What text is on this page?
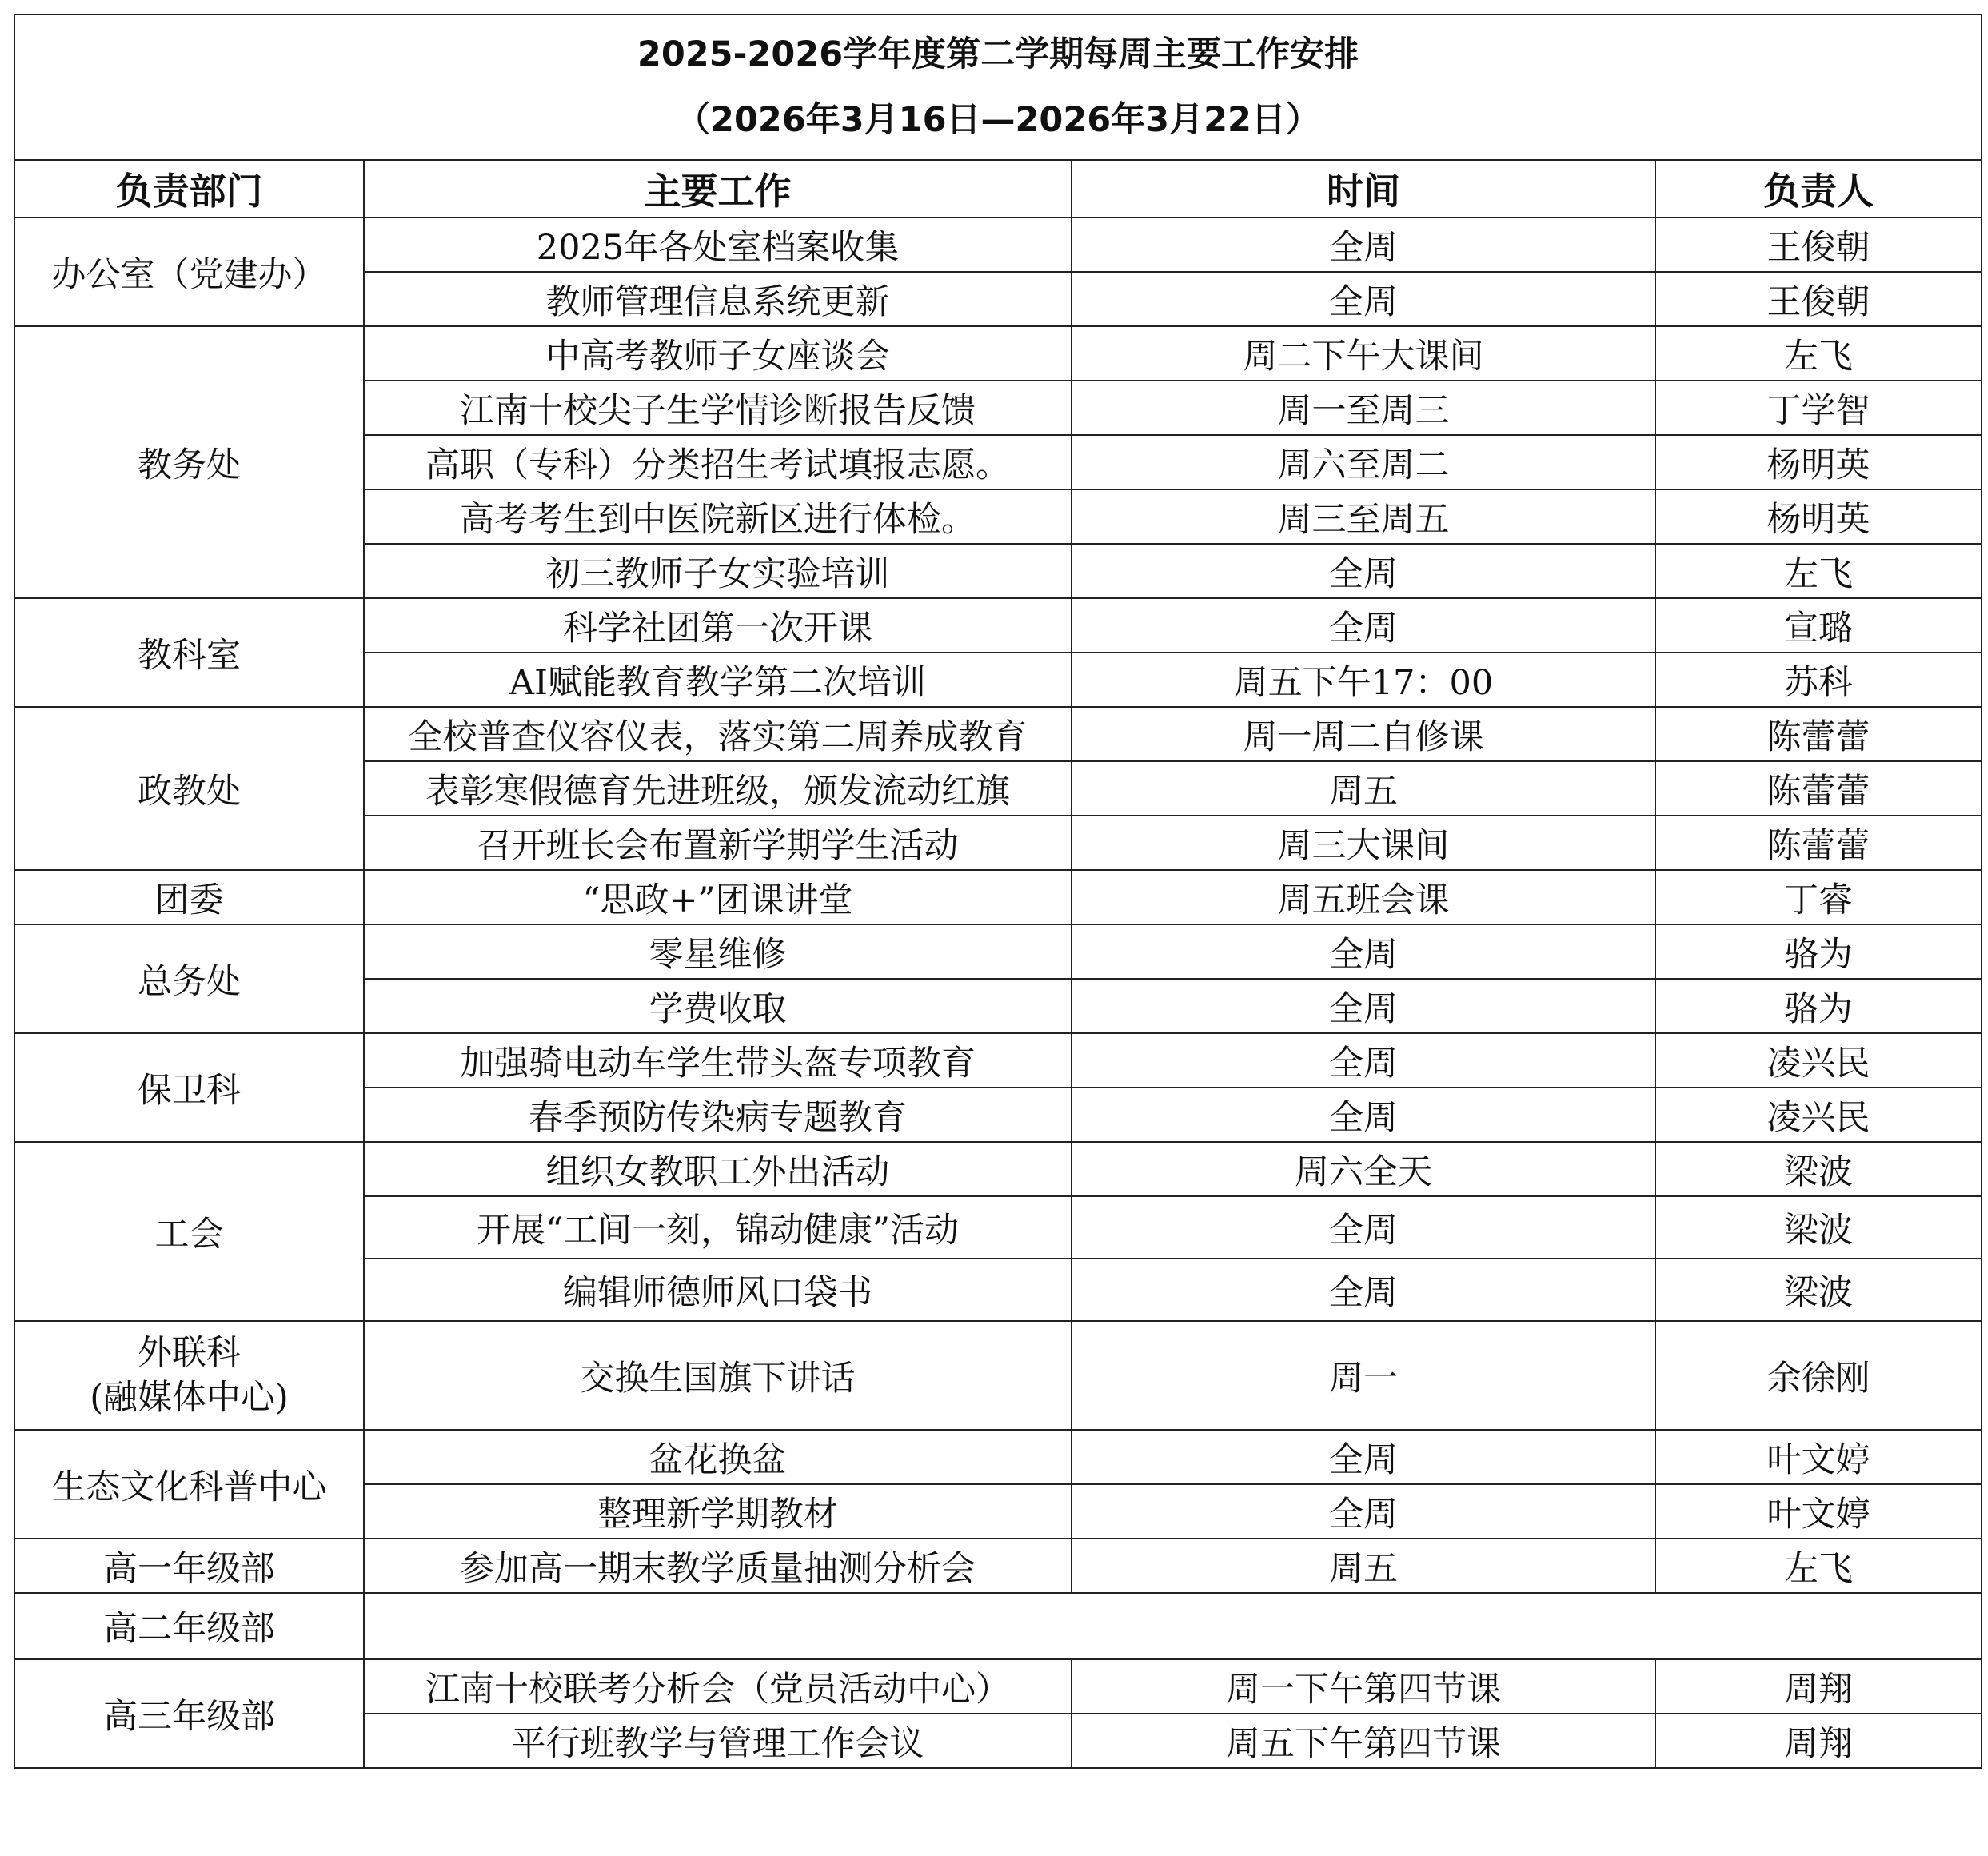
2025-2026学年度第二学期每周主要工作安排
（2026年3月16日—2026年3月22日）			

负责部门	主要工作	时间	负责人
办公室（党建办）	2025年各处室档案收集	全周	王俊朝
	教师管理信息系统更新	全周	王俊朝
教务处	中高考教师子女座谈会	周二下午大课间	左飞
	江南十校尖子生学情诊断报告反馈	周一至周三	丁学智
	高职（专科）分类招生考试填报志愿。	周六至周二	杨明英
	高考考生到中医院新区进行体检。	周三至周五	杨明英
	初三教师子女实验培训	全周	左飞
教科室	科学社团第一次开课	全周	宣璐
	AI赋能教育教学第二次培训	周五下午17：00	苏科
政教处	全校普查仪容仪表，落实第二周养成教育	周一周二自修课	陈蕾蕾
	表彰寒假德育先进班级，颁发流动红旗	周五	陈蕾蕾
	召开班长会布置新学期学生活动	周三大课间	陈蕾蕾
团委	“思政+”团课讲堂	周五班会课	丁睿
总务处	零星维修	全周	骆为
	学费收取	全周	骆为
保卫科	加强骑电动车学生带头盔专项教育	全周	凌兴民
	春季预防传染病专题教育	全周	凌兴民
工会	组织女教职工外出活动	周六全天	梁波
	开展“工间一刻，锦动健康”活动	全周	梁波
	编辑师德师风口袋书	全周	梁波

外联科
(融媒体中心)	交换生国旗下讲话	周一	余徐刚
生态文化科普中心	盆花换盆	全周	叶文婷
	整理新学期教材	全周	叶文婷
高一年级部	参加高一期末教学质量抽测分析会	周五	左飞
高二年级部			
高三年级部	江南十校联考分析会（党员活动中心）	周一下午第四节课	周翔
	平行班教学与管理工作会议	周五下午第四节课	周翔
